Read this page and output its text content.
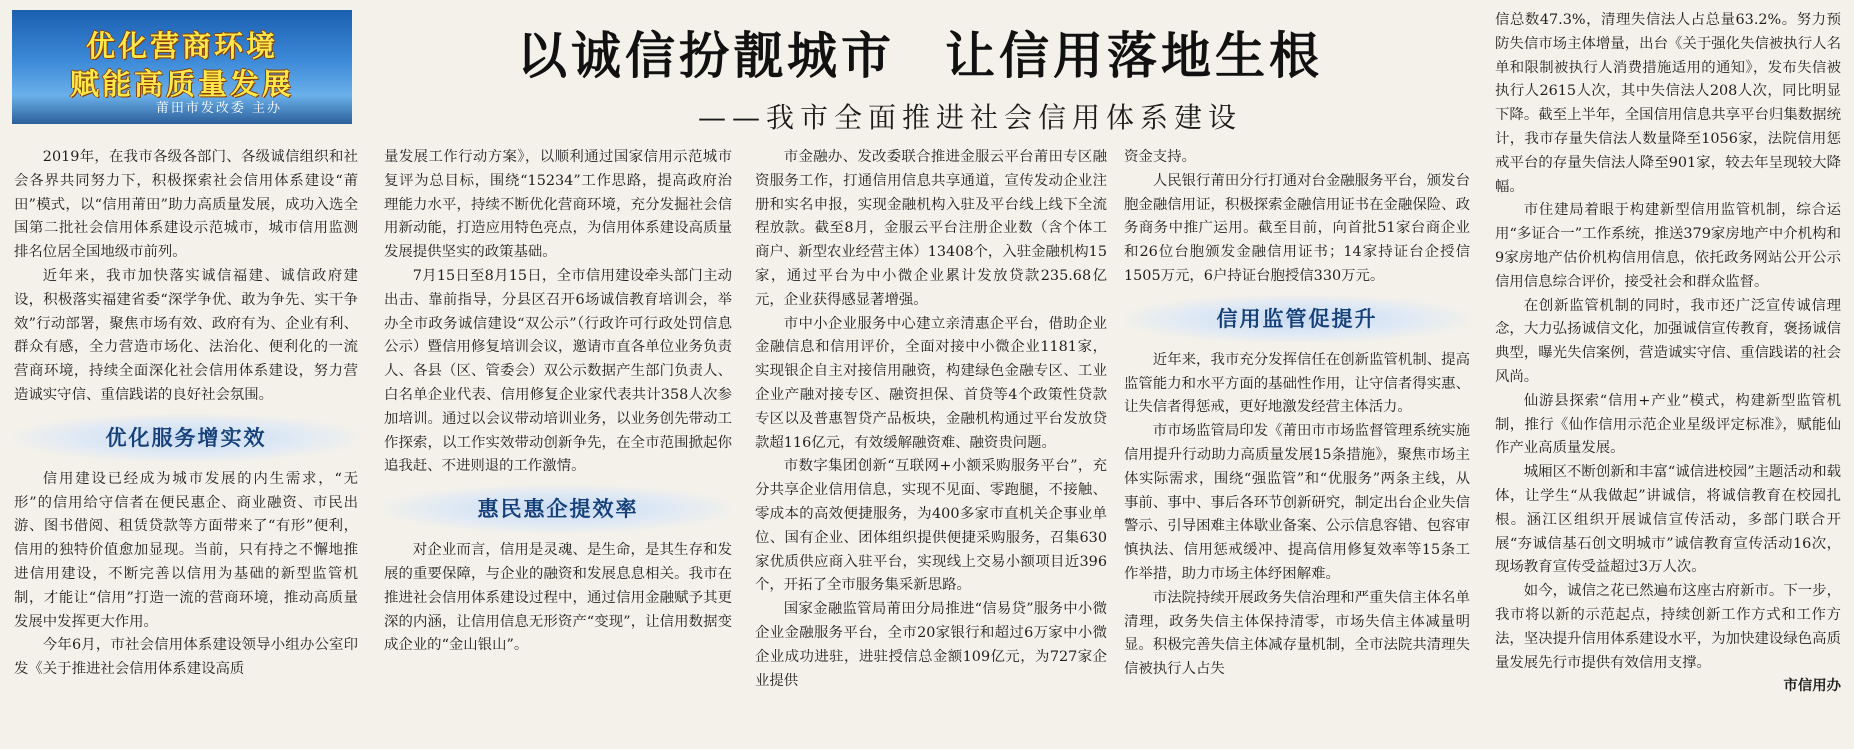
优化营商环境
赋能高质量发展
莆田市发改委 主办
以诚信扮靓城市 让信用落地生根
——我市全面推进社会信用体系建设

2019年，在我市各级各部门、各级诚信组织和社会各界共同努力下，积极探索社会信用体系建设“莆田”模式，以“信用莆田”助力高质量发展，成功入选全国第二批社会信用体系建设示范城市，城市信用监测排名位居全国地级市前列。

近年来，我市加快落实诚信福建、诚信政府建设，积极落实福建省委“深学争优、敢为争先、实干争效”行动部署，聚焦市场有效、政府有为、企业有利、群众有感，全力营造市场化、法治化、便利化的一流营商环境，持续全面深化社会信用体系建设，努力营造诚实守信、重信践诺的良好社会氛围。

优化服务增实效

信用建设已经成为城市发展的内生需求，“无形”的信用给守信者在便民惠企、商业融资、市民出游、图书借阅、租赁贷款等方面带来了“有形”便利，信用的独特价值愈加显现。当前，只有持之不懈地推进信用建设，不断完善以信用为基础的新型监管机制，才能让“信用”打造一流的营商环境，推动高质量发展中发挥更大作用。

今年6月，市社会信用体系建设领导小组办公室印发《关于推进社会信用体系建设高质

量发展工作行动方案》，以顺利通过国家信用示范城市复评为总目标，围绕“15234”工作思路，提高政府治理能力水平，持续不断优化营商环境，充分发掘社会信用新动能，打造应用特色亮点，为信用体系建设高质量发展提供坚实的政策基础。

7月15日至8月15日，全市信用建设牵头部门主动出击、靠前指导，分县区召开6场诚信教育培训会，举办全市政务诚信建设“双公示”（行政许可行政处罚信息公示）暨信用修复培训会议，邀请市直各单位业务负责人、各县（区、管委会）双公示数据产生部门负责人、白名单企业代表、信用修复企业家代表共计358人次参加培训。通过以会议带动培训业务，以业务创先带动工作探索，以工作实效带动创新争先，在全市范围掀起你追我赶、不进则退的工作激情。

惠民惠企提效率

对企业而言，信用是灵魂、是生命，是其生存和发展的重要保障，与企业的融资和发展息息相关。我市在推进社会信用体系建设过程中，通过信用金融赋予其更深的内涵，让信用信息无形资产“变现”，让信用数据变成企业的“金山银山”。

市金融办、发改委联合推进金服云平台莆田专区融资服务工作，打通信用信息共享通道，宣传发动企业注册和实名申报，实现金融机构入驻及平台线上线下全流程放款。截至8月，金服云平台注册企业数（含个体工商户、新型农业经营主体）13408个，入驻金融机构15家，通过平台为中小微企业累计发放贷款235.68亿元，企业获得感显著增强。

市中小企业服务中心建立亲清惠企平台，借助企业金融信息和信用评价，全面对接中小微企业1181家，实现银企自主对接信用融资，构建绿色金融专区、工业企业产融对接专区、融资担保、首贷等4个政策性贷款专区以及普惠智贷产品板块，金融机构通过平台发放贷款超116亿元，有效缓解融资难、融资贵问题。

市数字集团创新“互联网+小额采购服务平台”，充分共享企业信用信息，实现不见面、零跑腿，不接触、零成本的高效便捷服务，为400多家市直机关企事业单位、国有企业、团体组织提供便捷采购服务，召集630家优质供应商入驻平台，实现线上交易小额项目近396个，开拓了全市服务集采新思路。

国家金融监管局莆田分局推进“信易贷”服务中小微企业金融服务平台，全市20家银行和超过6万家中小微企业成功进驻，进驻授信总金额109亿元，为727家企业提供

资金支持。

人民银行莆田分行打通对台金融服务平台，颁发台胞金融信用证，积极探索金融信用证书在金融保险、政务商务中推广运用。截至目前，向首批51家台商企业和26位台胞颁发金融信用证书；14家持证台企授信1505万元，6户持证台胞授信330万元。

信用监管促提升

近年来，我市充分发挥信任在创新监管机制、提高监管能力和水平方面的基础性作用，让守信者得实惠、让失信者得惩戒，更好地激发经营主体活力。

市市场监管局印发《莆田市市场监督管理系统实施信用提升行动助力高质量发展15条措施》，聚焦市场主体实际需求，围绕“强监管”和“优服务”两条主线，从事前、事中、事后各环节创新研究，制定出台企业失信警示、引导困难主体歇业备案、公示信息容错、包容审慎执法、信用惩戒缓冲、提高信用修复效率等15条工作举措，助力市场主体纾困解难。

市法院持续开展政务失信治理和严重失信主体名单清理，政务失信主体保持清零，市场失信主体减量明显。积极完善失信主体减存量机制，全市法院共清理失信被执行人占失

信总数47.3%，清理失信法人占总量63.2%。努力预防失信市场主体增量，出台《关于强化失信被执行人名单和限制被执行人消费措施适用的通知》，发布失信被执行人2615人次，其中失信法人208人次，同比明显下降。截至上半年，全国信用信息共享平台归集数据统计，我市存量失信法人数量降至1056家，法院信用惩戒平台的存量失信法人降至901家，较去年呈现较大降幅。

市住建局着眼于构建新型信用监管机制，综合运用“多证合一”工作系统，推送379家房地产中介机构和9家房地产估价机构信用信息，依托政务网站公开公示信用信息综合评价，接受社会和群众监督。

在创新监管机制的同时，我市还广泛宣传诚信理念，大力弘扬诚信文化，加强诚信宣传教育，褒扬诚信典型，曝光失信案例，营造诚实守信、重信践诺的社会风尚。

仙游县探索“信用+产业”模式，构建新型监管机制，推行《仙作信用示范企业星级评定标准》，赋能仙作产业高质量发展。

城厢区不断创新和丰富“诚信进校园”主题活动和载体，让学生“从我做起”讲诚信，将诚信教育在校园扎根。涵江区组织开展诚信宣传活动，多部门联合开展“夯诚信基石创文明城市”诚信教育宣传活动16次，现场教育宣传受益超过3万人次。

如今，诚信之花已然遍布这座古府新市。下一步，我市将以新的示范起点，持续创新工作方式和工作方法，坚决提升信用体系建设水平，为加快建设绿色高质量发展先行市提供有效信用支撑。

市信用办
